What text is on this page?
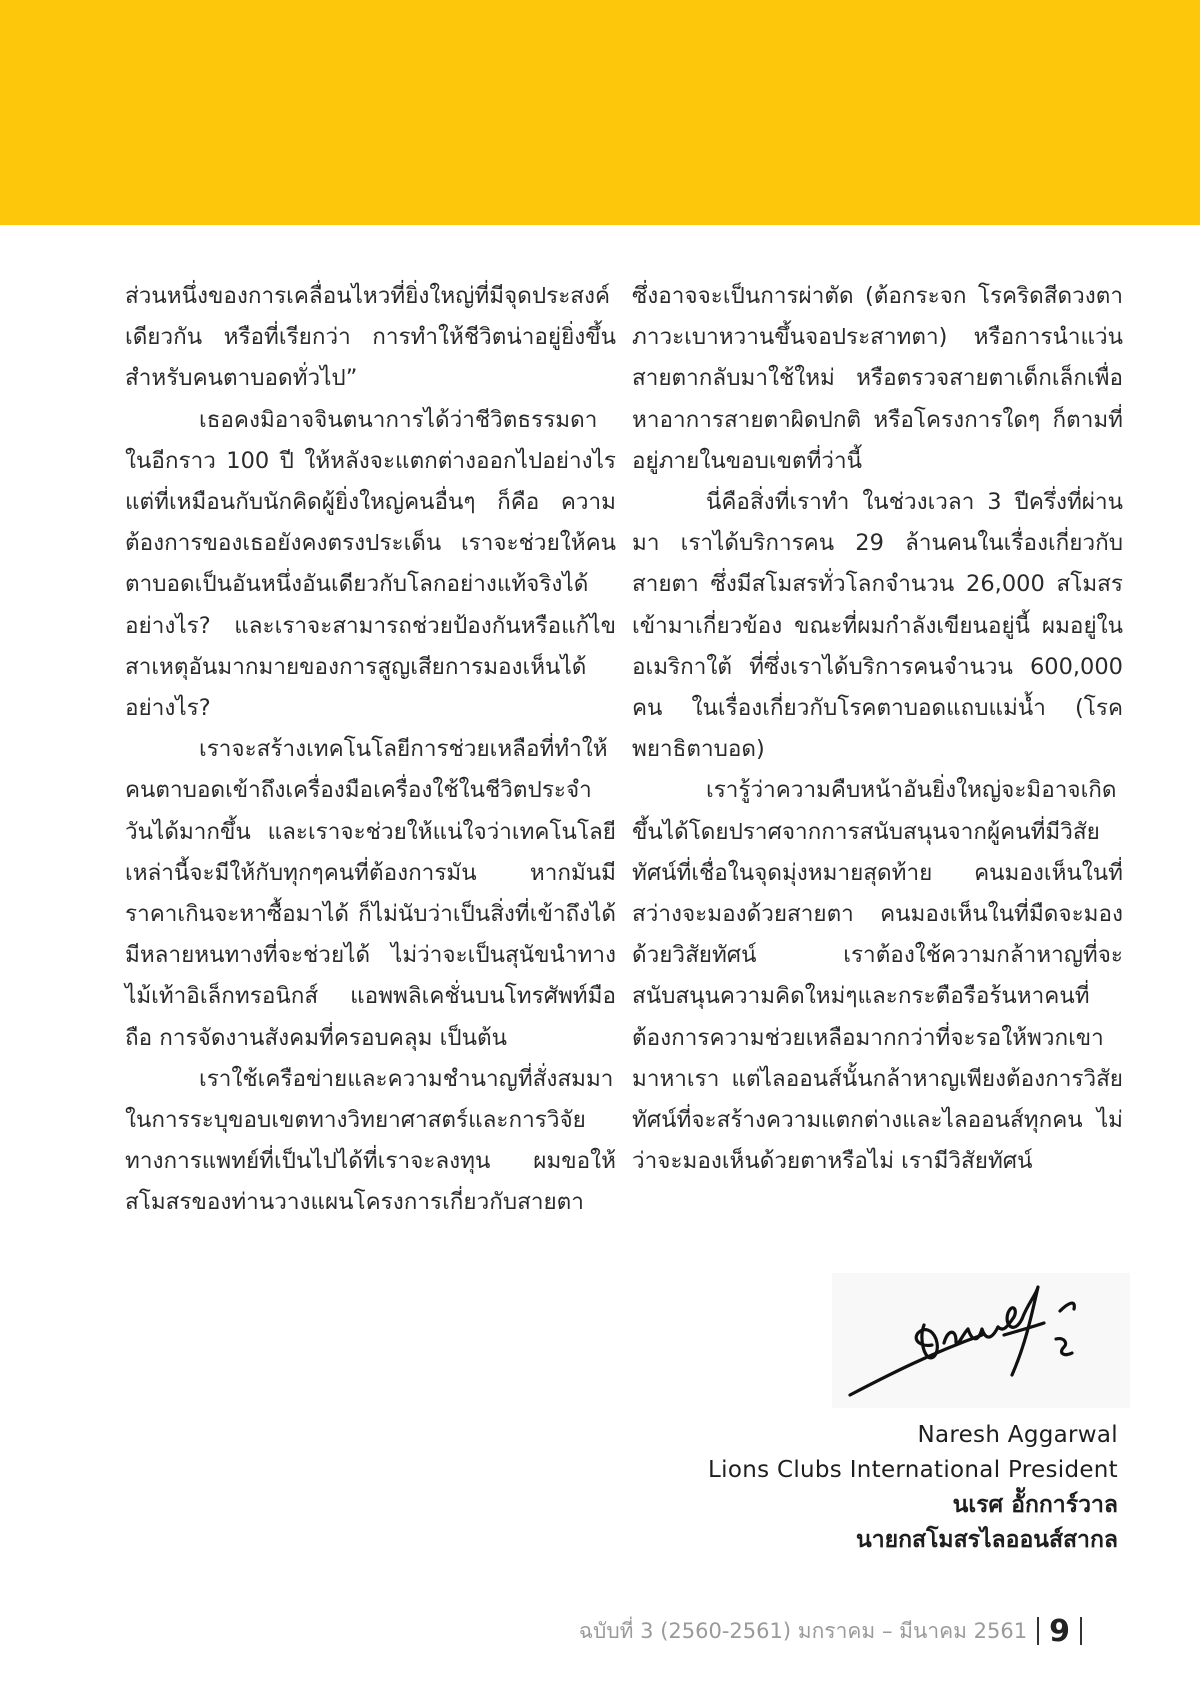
ส่วนหนึ่งของการเคลื่อนไหวที่ยิ่งใหญ่ที่มีจุดประสงค์เดียวกัน หรือที่เรียกว่า การทำให้ชีวิตน่าอยู่ยิ่งขึ้นสำหรับคนตาบอดทั่วไป”

เธอคงมิอาจจินตนาการได้ว่าชีวิตธรรมดาในอีกราว 100 ปี ให้หลังจะแตกต่างออกไปอย่างไร แต่ที่เหมือนกับนักคิดผู้ยิ่งใหญ่คนอื่นๆ ก็คือ ความต้องการของเธอยังคงตรงประเด็น เราจะช่วยให้คนตาบอดเป็นอันหนึ่งอันเดียวกับโลกอย่างแท้จริงได้อย่างไร? และเราจะสามารถช่วยป้องกันหรือแก้ไขสาเหตุอันมากมายของการสูญเสียการมองเห็นได้อย่างไร?

เราจะสร้างเทคโนโลยีการช่วยเหลือที่ทำให้คนตาบอดเข้าถึงเครื่องมือเครื่องใช้ในชีวิตประจำวันได้มากขึ้น และเราจะช่วยให้แน่ใจว่าเทคโนโลยีเหล่านี้จะมีให้กับทุกๆคนที่ต้องการมัน หากมันมีราคาเกินจะหาซื้อมาได้ ก็ไม่นับว่าเป็นสิ่งที่เข้าถึงได้ มีหลายหนทางที่จะช่วยได้ ไม่ว่าจะเป็นสุนัขนำทาง ไม้เท้าอิเล็กทรอนิกส์ แอพพลิเคชั่นบนโทรศัพท์มือถือ การจัดงานสังคมที่ครอบคลุม เป็นต้น

เราใช้เครือข่ายและความชำนาญที่สั่งสมมาในการระบุขอบเขตทางวิทยาศาสตร์และการวิจัยทางการแพทย์ที่เป็นไปได้ที่เราจะลงทุน ผมขอให้สโมสรของท่านวางแผนโครงการเกี่ยวกับสายตา

ซึ่งอาจจะเป็นการผ่าตัด (ต้อกระจก โรคริดสีดวงตา ภาวะเบาหวานขึ้นจอประสาทตา) หรือการนำแว่นสายตากลับมาใช้ใหม่ หรือตรวจสายตาเด็กเล็กเพื่อหาอาการสายตาผิดปกติ หรือโครงการใดๆ ก็ตามที่อยู่ภายในขอบเขตที่ว่านี้

นี่คือสิ่งที่เราทำ ในช่วงเวลา 3 ปีครึ่งที่ผ่านมา เราได้บริการคน 29 ล้านคนในเรื่องเกี่ยวกับสายตา ซึ่งมีสโมสรทั่วโลกจำนวน 26,000 สโมสรเข้ามาเกี่ยวข้อง ขณะที่ผมกำลังเขียนอยู่นี้ ผมอยู่ในอเมริกาใต้ ที่ซึ่งเราได้บริการคนจำนวน 600,000 คน ในเรื่องเกี่ยวกับโรคตาบอดแถบแม่น้ำ (โรคพยาธิตาบอด)

เรารู้ว่าความคืบหน้าอันยิ่งใหญ่จะมิอาจเกิดขึ้นได้โดยปราศจากการสนับสนุนจากผู้คนที่มีวิสัยทัศน์ที่เชื่อในจุดมุ่งหมายสุดท้าย คนมองเห็นในที่สว่างจะมองด้วยสายตา คนมองเห็นในที่มืดจะมองด้วยวิสัยทัศน์ เราต้องใช้ความกล้าหาญที่จะสนับสนุนความคิดใหม่ๆและกระตือรือร้นหาคนที่ต้องการความช่วยเหลือมากกว่าที่จะรอให้พวกเขามาหาเรา แต่ไลออนส์นั้นกล้าหาญเพียงต้องการวิสัยทัศน์ที่จะสร้างความแตกต่างและไลออนส์ทุกคน ไม่ว่าจะมองเห็นด้วยตาหรือไม่ เรามีวิสัยทัศน์

Naresh Aggarwal
Lions Clubs International President
นเรศ อัักการ์วาล
นายกสโมสรไลออนส์สากล
ฉบับที่ 3 (2560-2561) มกราคม – มีนาคม 2561 9
